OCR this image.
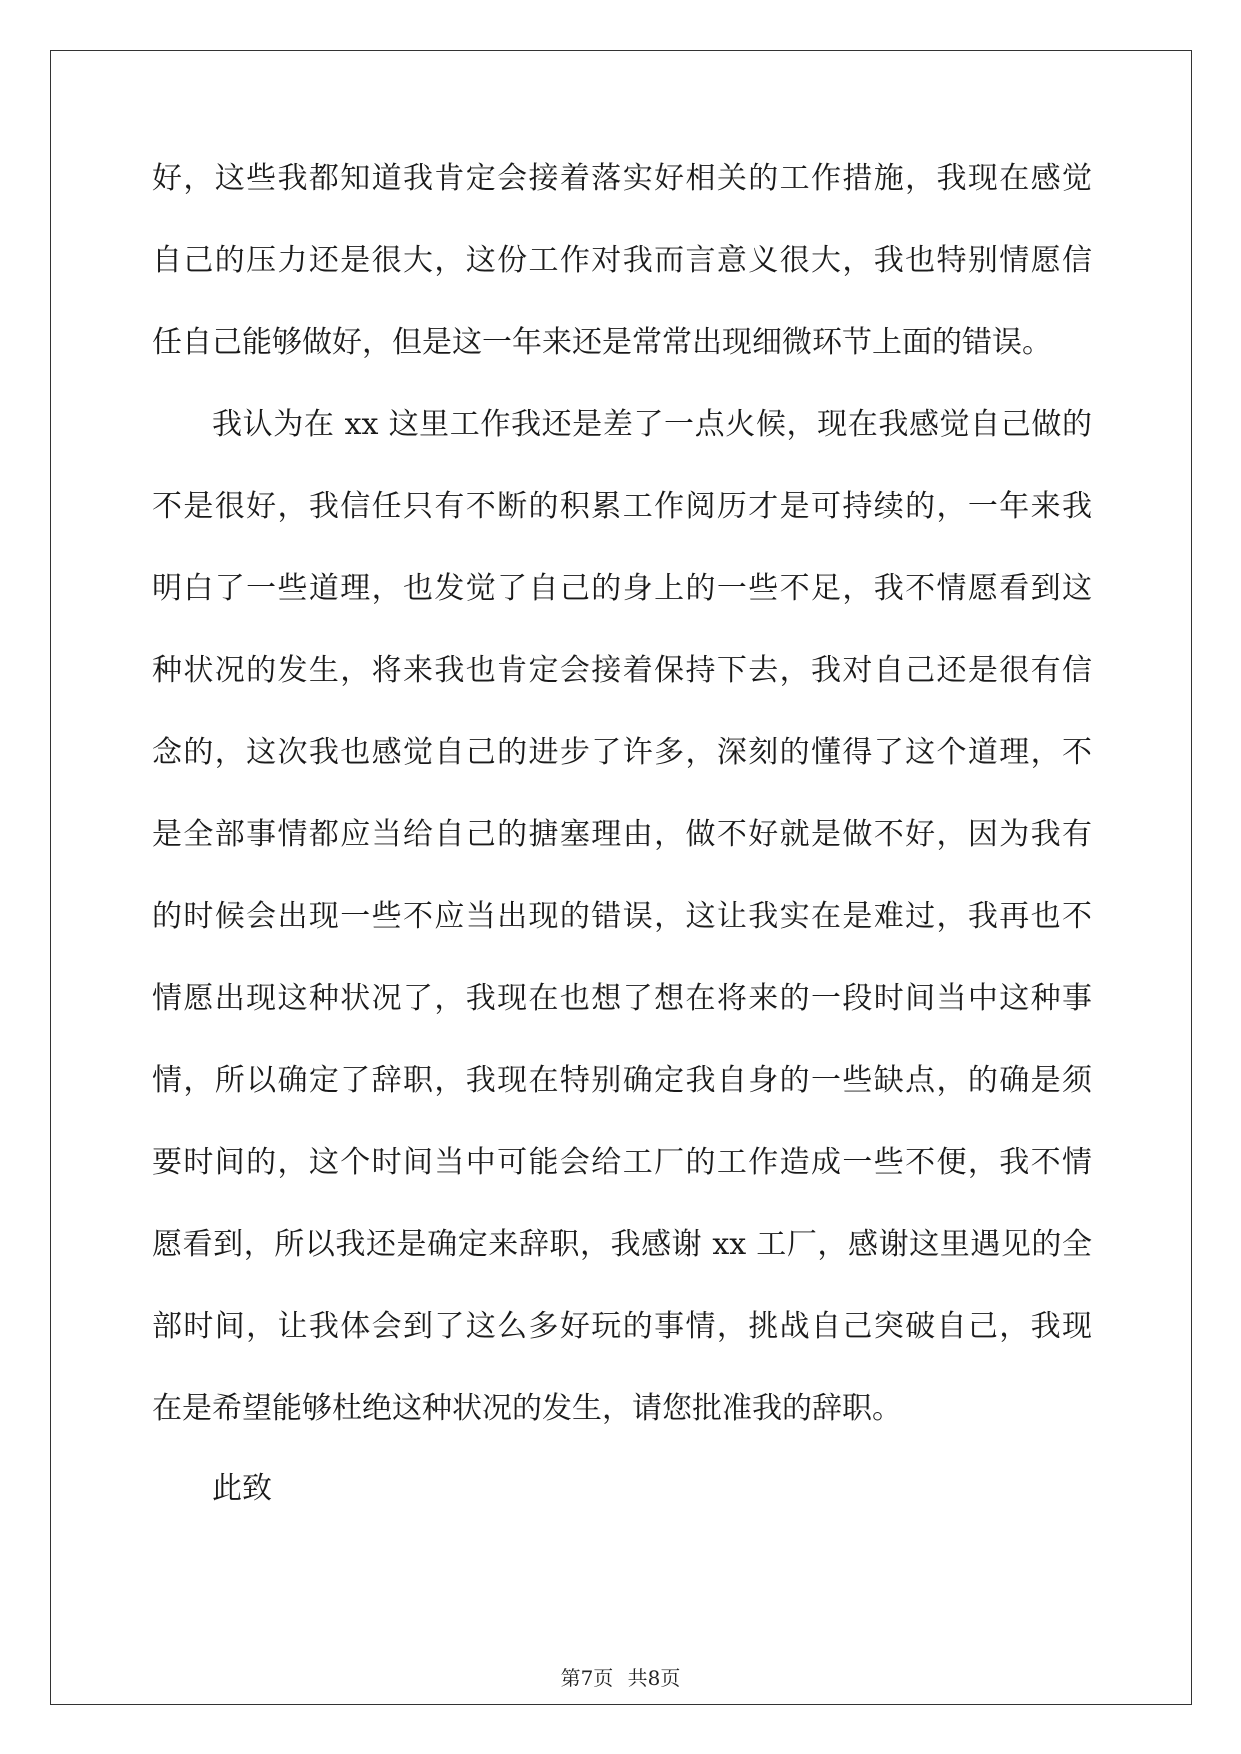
好，这些我都知道我肯定会接着落实好相关的工作措施，我现在感觉
自己的压力还是很大，这份工作对我而言意义很大，我也特别情愿信
任自己能够做好，但是这一年来还是常常出现细微环节上面的错误。
我认为在 xx 这里工作我还是差了一点火候，现在我感觉自己做的
不是很好，我信任只有不断的积累工作阅历才是可持续的，一年来我
明白了一些道理，也发觉了自己的身上的一些不足，我不情愿看到这
种状况的发生，将来我也肯定会接着保持下去，我对自己还是很有信
念的，这次我也感觉自己的进步了许多，深刻的懂得了这个道理，不
是全部事情都应当给自己的搪塞理由，做不好就是做不好，因为我有
的时候会出现一些不应当出现的错误，这让我实在是难过，我再也不
情愿出现这种状况了，我现在也想了想在将来的一段时间当中这种事
情，所以确定了辞职，我现在特别确定我自身的一些缺点，的确是须
要时间的，这个时间当中可能会给工厂的工作造成一些不便，我不情
愿看到，所以我还是确定来辞职，我感谢 xx 工厂，感谢这里遇见的全
部时间，让我体会到了这么多好玩的事情，挑战自己突破自己，我现
在是希望能够杜绝这种状况的发生，请您批准我的辞职。
此致
第7页 共8页
